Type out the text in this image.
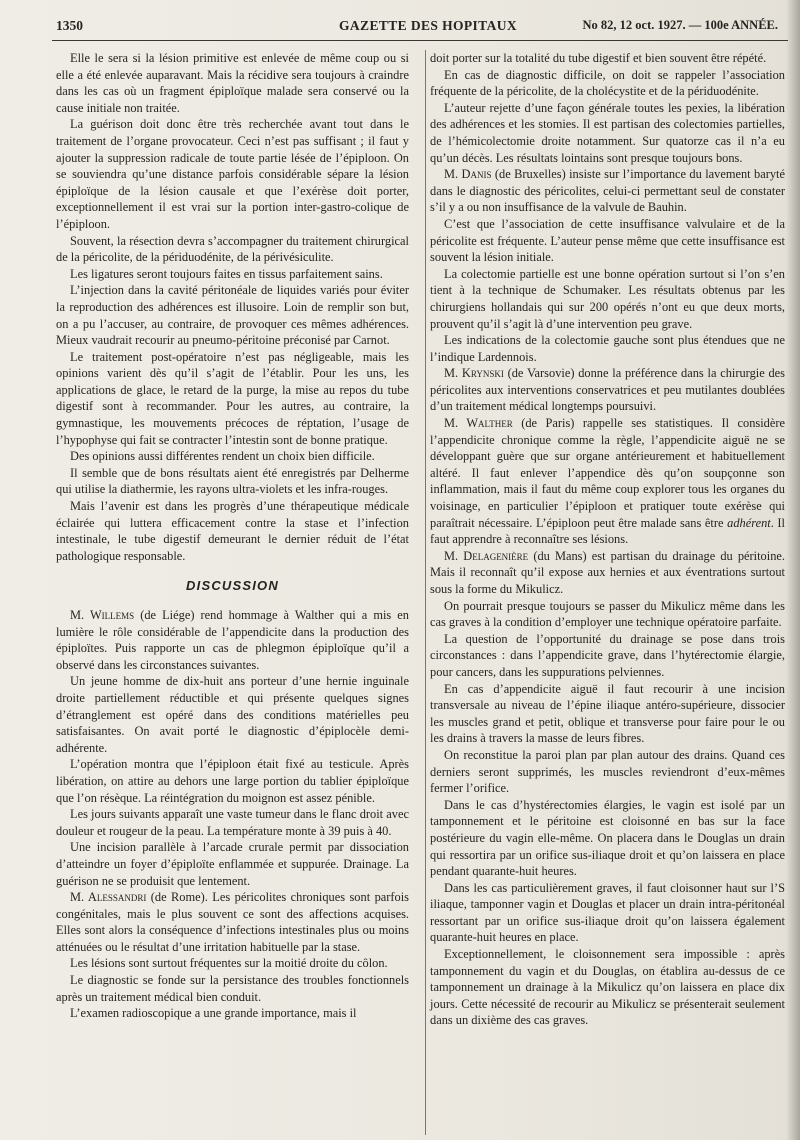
1350	GAZETTE DES HOPITAUX	No 82, 12 oct. 1927. — 100e ANNÉE.

Elle le sera si la lésion primitive est enlevée de même coup ou si elle a été enlevée auparavant. Mais la récidive sera toujours à craindre dans les cas où un fragment épiploïque malade sera conservé ou la cause initiale non traitée.

La guérison doit donc être très recherchée avant tout dans le traitement de l’organe provocateur. Ceci n’est pas suffisant ; il faut y ajouter la suppression radicale de toute partie lésée de l’épiploon. On se souviendra qu’une distance parfois considérable sépare la lésion épiploïque de la lésion causale et que l’exérèse doit porter, exceptionnellement il est vrai sur la portion inter-gastro-colique de l’épiploon.

Souvent, la résection devra s’accompagner du traitement chirurgical de la péricolite, de la périduodénite, de la périvésiculite.

Les ligatures seront toujours faites en tissus parfaitement sains.

L’injection dans la cavité péritonéale de liquides variés pour éviter la reproduction des adhérences est illusoire. Loin de remplir son but, on a pu l’accuser, au contraire, de provoquer ces mêmes adhérences. Mieux vaudrait recourir au pneumo-péritoine préconisé par Carnot.

Le traitement post-opératoire n’est pas négligeable, mais les opinions varient dès qu’il s’agit de l’établir. Pour les uns, les applications de glace, le retard de la purge, la mise au repos du tube digestif sont à recommander. Pour les autres, au contraire, la gymnastique, les mouvements précoces de réptation, l’usage de l’hypophyse qui fait se contracter l’intestin sont de bonne pratique.

Des opinions aussi différentes rendent un choix bien difficile.

Il semble que de bons résultats aient été enregistrés par Delherme qui utilise la diathermie, les rayons ultra-violets et les infra-rouges.

Mais l’avenir est dans les progrès d’une thérapeutique médicale éclairée qui luttera efficacement contre la stase et l’infection intestinale, le tube digestif demeurant le dernier réduit de l’état pathologique responsable.

DISCUSSION

M. Willems (de Liége) rend hommage à Walther qui a mis en lumière le rôle considérable de l’appendicite dans la production des épiploïtes. Puis rapporte un cas de phlegmon épiploïque qu’il a observé dans les circonstances suivantes.

Un jeune homme de dix-huit ans porteur d’une hernie inguinale droite partiellement réductible et qui présente quelques signes d’étranglement est opéré dans des conditions matérielles peu satisfaisantes. On avait porté le diagnostic d’épiplocèle demi-adhérente.

L’opération montra que l’épiploon était fixé au testicule. Après libération, on attire au dehors une large portion du tablier épiploïque que l’on résèque. La réintégration du moignon est assez pénible.

Les jours suivants apparaît une vaste tumeur dans le flanc droit avec douleur et rougeur de la peau. La température monte à 39 puis à 40.

Une incision parallèle à l’arcade crurale permit par dissociation d’atteindre un foyer d’épiploïte enflammée et suppurée. Drainage. La guérison ne se produisit que lentement.

M. Alessandri (de Rome). Les péricolites chroniques sont parfois congénitales, mais le plus souvent ce sont des affections acquises. Elles sont alors la conséquence d’infections intestinales plus ou moins atténuées ou le résultat d’une irritation habituelle par la stase.

Les lésions sont surtout fréquentes sur la moitié droite du côlon.

Le diagnostic se fonde sur la persistance des troubles fonctionnels après un traitement médical bien conduit.

L’examen radioscopique a une grande importance, mais il

doit porter sur la totalité du tube digestif et bien souvent être répété.

En cas de diagnostic difficile, on doit se rappeler l’association fréquente de la péricolite, de la cholécystite et de la périduodénite.

L’auteur rejette d’une façon générale toutes les pexies, la libération des adhérences et les stomies. Il est partisan des colectomies partielles, de l’hémicolectomie droite notamment. Sur quatorze cas il n’a eu qu’un décès. Les résultats lointains sont presque toujours bons.

M. Danis (de Bruxelles) insiste sur l’importance du lavement baryté dans le diagnostic des péricolites, celui-ci permettant seul de constater s’il y a ou non insuffisance de la valvule de Bauhin.

C’est que l’association de cette insuffisance valvulaire et de la péricolite est fréquente. L’auteur pense même que cette insuffisance est souvent la lésion initiale.

La colectomie partielle est une bonne opération surtout si l’on s’en tient à la technique de Schumaker. Les résultats obtenus par les chirurgiens hollandais qui sur 200 opérés n’ont eu que deux morts, prouvent qu’il s’agit là d’une intervention peu grave.

Les indications de la colectomie gauche sont plus étendues que ne l’indique Lardennois.

M. Krynski (de Varsovie) donne la préférence dans la chirurgie des péricolites aux interventions conservatrices et peu mutilantes doublées d’un traitement médical longtemps poursuivi.

M. Walther (de Paris) rappelle ses statistiques. Il considère l’appendicite chronique comme la règle, l’appendicite aiguë ne se développant guère que sur organe antérieurement et habituellement altéré. Il faut enlever l’appendice dès qu’on soupçonne son inflammation, mais il faut du même coup explorer tous les organes du voisinage, en particulier l’épiploon et pratiquer toute exérèse qui paraîtrait nécessaire. L’épiploon peut être malade sans être adhérent. Il faut apprendre à reconnaître ses lésions.

M. Delagenière (du Mans) est partisan du drainage du péritoine. Mais il reconnaît qu’il expose aux hernies et aux éventrations surtout sous la forme du Mikulicz.

On pourrait presque toujours se passer du Mikulicz même dans les cas graves à la condition d’employer une technique opératoire parfaite.

La question de l’opportunité du drainage se pose dans trois circonstances : dans l’appendicite grave, dans l’hytérectomie élargie, pour cancers, dans les suppurations pelviennes.

En cas d’appendicite aiguë il faut recourir à une incision transversale au niveau de l’épine iliaque antéro-supérieure, dissocier les muscles grand et petit, oblique et transverse pour faire pour le ou les drains à travers la masse de leurs fibres.

On reconstitue la paroi plan par plan autour des drains. Quand ces derniers seront supprimés, les muscles reviendront d’eux-mêmes fermer l’orifice.

Dans le cas d’hystérectomies élargies, le vagin est isolé par un tamponnement et le péritoine est cloisonné en bas sur la face postérieure du vagin elle-même. On placera dans le Douglas un drain qui ressortira par un orifice sus-iliaque droit et qu’on laissera en place pendant quarante-huit heures.

Dans les cas particulièrement graves, il faut cloisonner haut sur l’S iliaque, tamponner vagin et Douglas et placer un drain intra-péritonéal ressortant par un orifice sus-iliaque droit qu’on laissera également quarante-huit heures en place.

Exceptionnellement, le cloisonnement sera impossible : après tamponnement du vagin et du Douglas, on établira au-dessus de ce tamponnement un drainage à la Mikulicz qu’on laissera en place dix jours. Cette nécessité de recourir au Mikulicz se présenterait seulement dans un dixième des cas graves.
